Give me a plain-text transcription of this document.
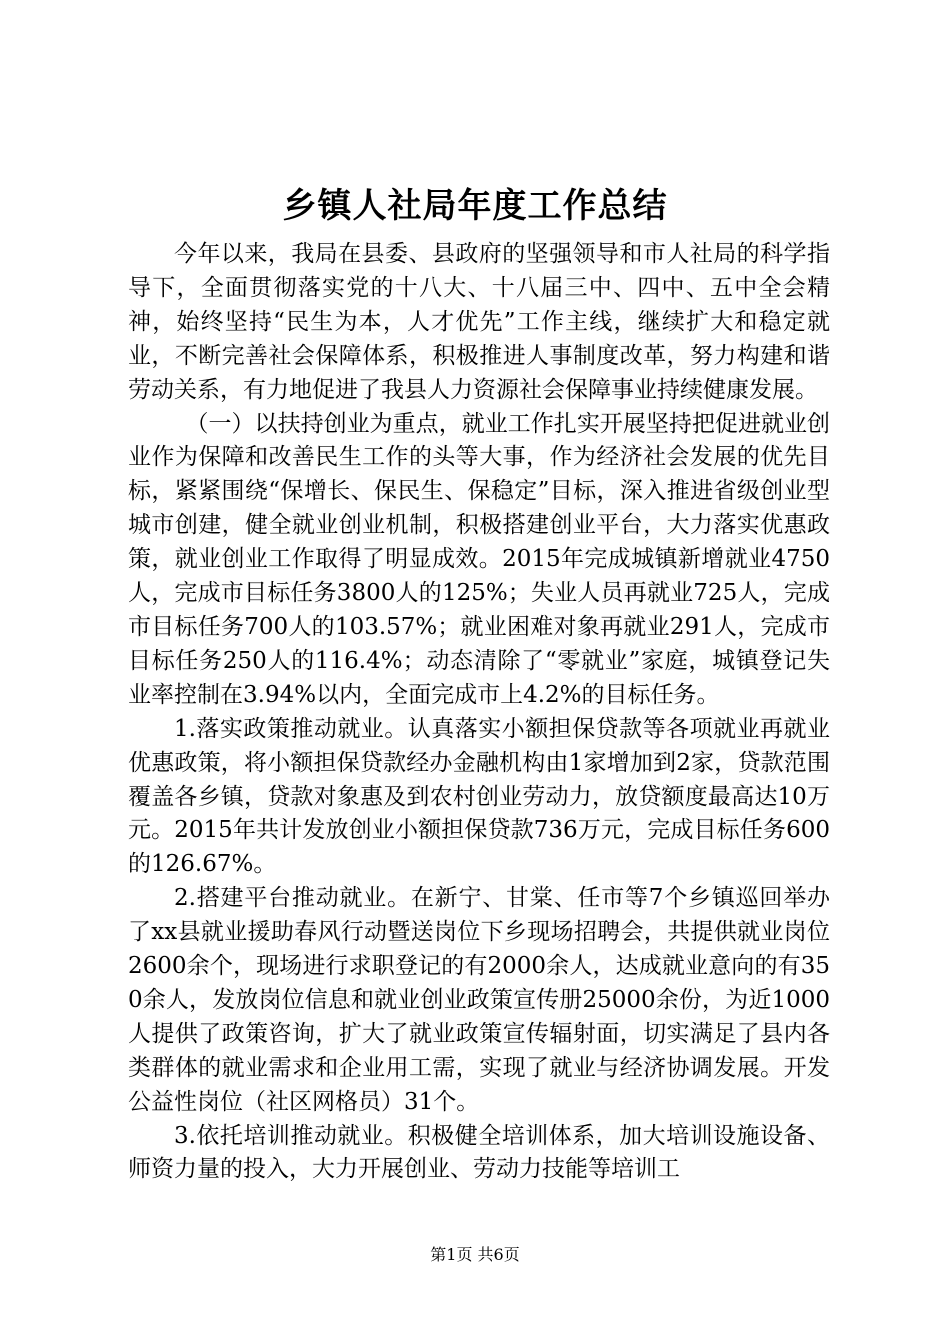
乡镇人社局年度工作总结

今年以来，我局在县委、县政府的坚强领导和市人社局的科学指导下，全面贯彻落实党的十八大、十八届三中、四中、五中全会精神，始终坚持“民生为本，人才优先”工作主线，继续扩大和稳定就业，不断完善社会保障体系，积极推进人事制度改革，努力构建和谐劳动关系，有力地促进了我县人力资源社会保障事业持续健康发展。

（一）以扶持创业为重点，就业工作扎实开展坚持把促进就业创业作为保障和改善民生工作的头等大事，作为经济社会发展的优先目标，紧紧围绕“保增长、保民生、保稳定”目标，深入推进省级创业型城市创建，健全就业创业机制，积极搭建创业平台，大力落实优惠政策，就业创业工作取得了明显成效。2015年完成城镇新增就业4750人，完成市目标任务3800人的125%；失业人员再就业725人，完成市目标任务700人的103.57%；就业困难对象再就业291人，完成市目标任务250人的116.4%；动态清除了“零就业”家庭，城镇登记失业率控制在3.94%以内，全面完成市上4.2%的目标任务。

1.落实政策推动就业。认真落实小额担保贷款等各项就业再就业优惠政策，将小额担保贷款经办金融机构由1家增加到2家，贷款范围覆盖各乡镇，贷款对象惠及到农村创业劳动力，放贷额度最高达10万元。2015年共计发放创业小额担保贷款736万元，完成目标任务600的126.67%。

2.搭建平台推动就业。在新宁、甘棠、任市等7个乡镇巡回举办了xx县就业援助春风行动暨送岗位下乡现场招聘会，共提供就业岗位2600余个，现场进行求职登记的有2000余人，达成就业意向的有350余人，发放岗位信息和就业创业政策宣传册25000余份，为近1000人提供了政策咨询，扩大了就业政策宣传辐射面，切实满足了县内各类群体的就业需求和企业用工需，实现了就业与经济协调发展。开发公益性岗位（社区网格员）31个。

3.依托培训推动就业。积极健全培训体系，加大培训设施设备、师资力量的投入，大力开展创业、劳动力技能等培训工

第1页 共6页
